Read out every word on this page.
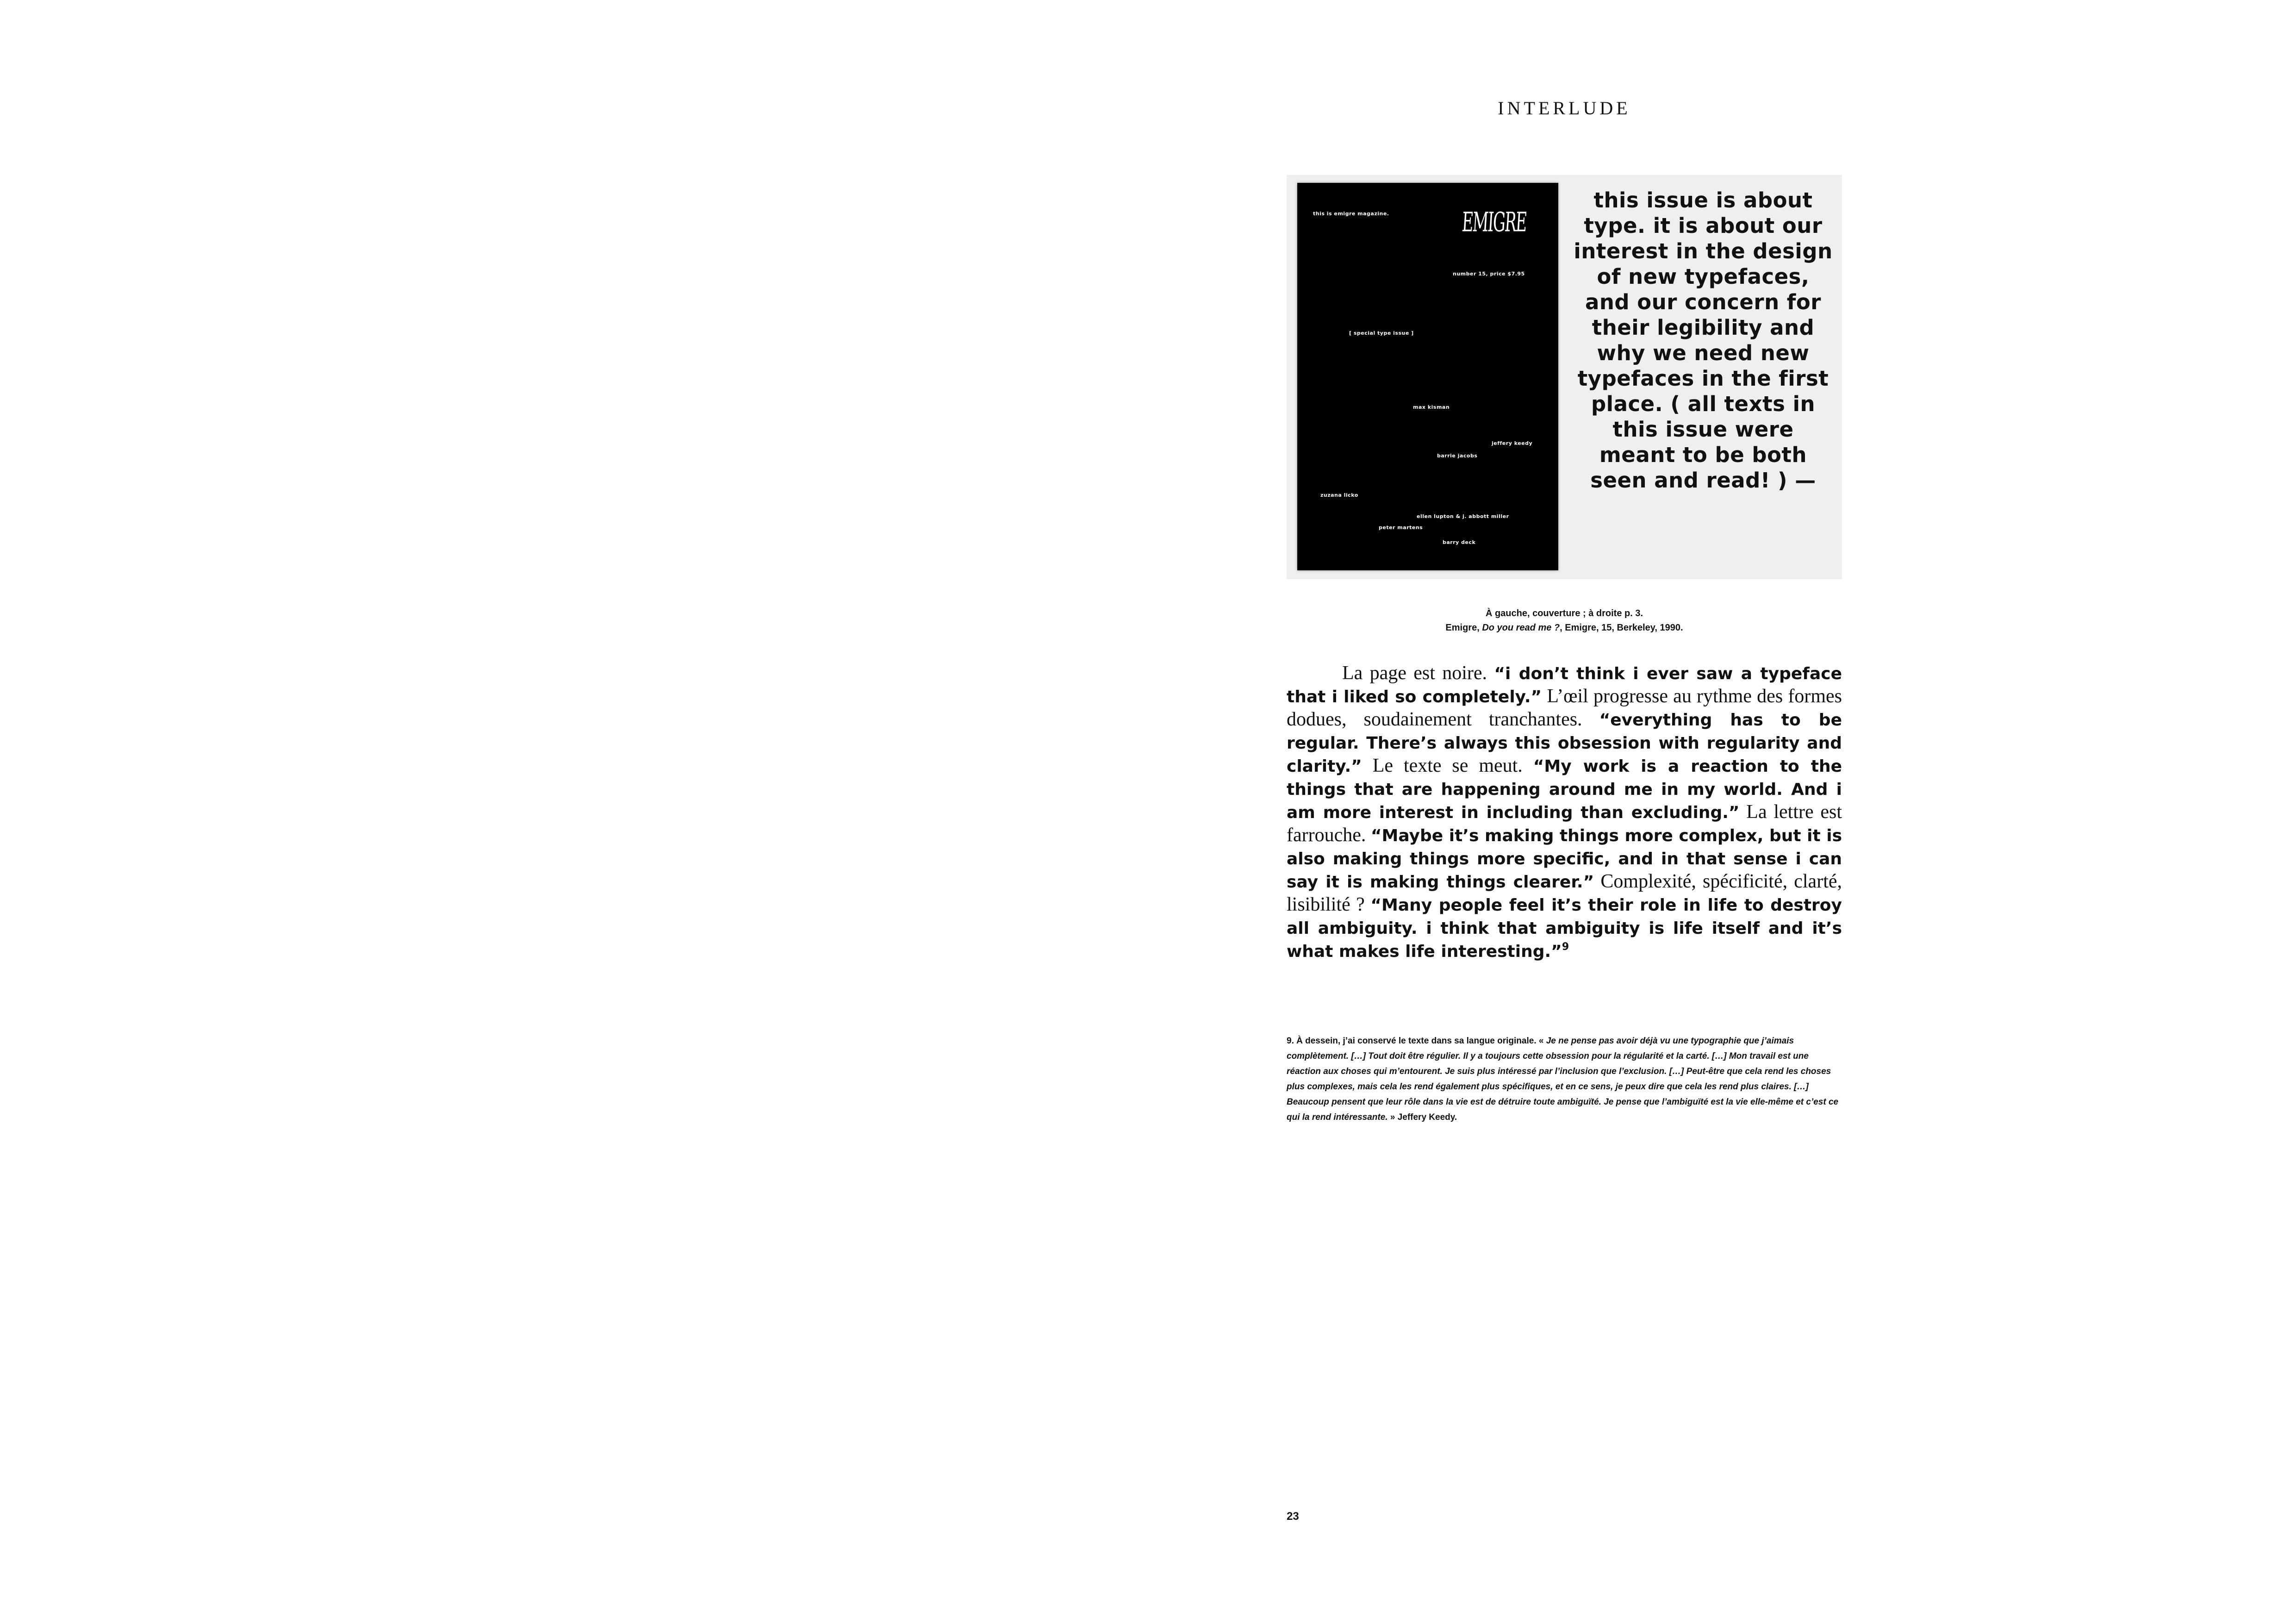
INTERLUDE
this is emigre magazine.	EMIGRE
number 15, price $7.95
[ special type issue ]
max kisman
jeffery keedy
barrie jacobs
zuzana licko
ellen lupton & j. abbott miller
peter martens
barry deck
this issue is about
type. it is about our
interest in the design
of new typefaces,
and our concern for
their legibility and
why we need new
typefaces in the first
place. ( all texts in
this issue were
meant to be both
seen and read! ) —
À gauche, couverture ; à droite p. 3.
Emigre, Do you read me ?, Emigre, 15, Berkeley, 1990.

La page est noire. “i don’t think i ever saw a typeface that i liked so completely.” L’œil progresse au rythme des formes dodues, soudainement tranchantes. “everything has to be regular. There’s always this obsession with regularity and clarity.” Le texte se meut. “My work is a reaction to the things that are happening around me in my world. And i am more interest in including than excluding.” La lettre est farrouche. “Maybe it’s making things more complex, but it is also making things more specific, and in that sense i can say it is making things clearer.” Complexité, spécificité, clarté, lisibilité ? “Many people feel it’s their role in life to destroy all ambiguity. i think that ambiguity is life itself and it’s what makes life interesting.”$^9$

9. À dessein, j’ai conservé le texte dans sa langue originale. « Je ne pense pas avoir déjà vu une typographie que j’aimais complètement. […] Tout doit être régulier. Il y a toujours cette obsession pour la régularité et la carté. […] Mon travail est une réaction aux choses qui m’entourent. Je suis plus intéressé par l’inclusion que l’exclusion. […] Peut-être que cela rend les choses plus complexes, mais cela les rend également plus spécifiques, et en ce sens, je peux dire que cela les rend plus claires. […] Beaucoup pensent que leur rôle dans la vie est de détruire toute ambiguïté. Je pense que l’ambiguïté est la vie elle-même et c’est ce qui la rend intéressante. » Jeffery Keedy.

23
